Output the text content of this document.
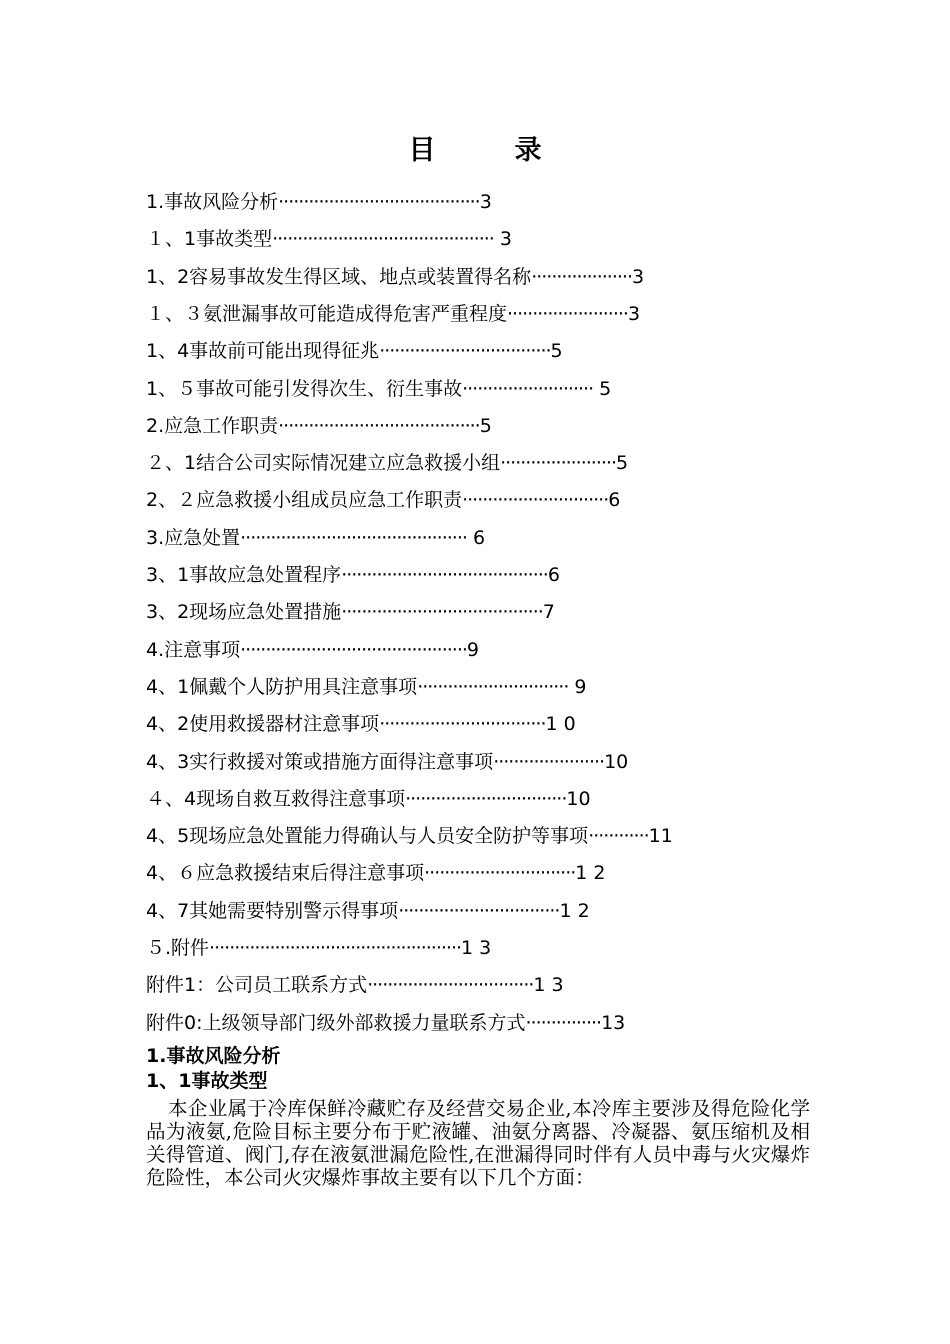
目　录
1.事故风险分析········································3
１、1事故类型············································ 3
1、2容易事故发生得区域、地点或装置得名称····················3
１、３氨泄漏事故可能造成得危害严重程度························3
1、4事故前可能出现得征兆··································5
1、５事故可能引发得次生、衍生事故·························· 5
2.应急工作职责········································5
２、1结合公司实际情况建立应急救援小组·······················5
2、２应急救援小组成员应急工作职责·····························6
3.应急处置············································· 6
3、1事故应急处置程序·········································6
3、2现场应急处置措施········································7
4.注意事项·············································9
4、1佩戴个人防护用具注意事项······························ 9
4、2使用救援器材注意事项·································1 0
4、3实行救援对策或措施方面得注意事项······················10
４、4现场自救互救得注意事项································10
4、5现场应急处置能力得确认与人员安全防护等事项············11
4、６应急救援结束后得注意事项······························1 2
4、7其她需要特别警示得事项································1 2
５.附件··················································1 3
附件1：公司员工联系方式·································1 3
附件0:上级领导部门级外部救援力量联系方式···············13
1.事故风险分析
1、1事故类型
本企业属于冷库保鲜冷藏贮存及经营交易企业,本冷库主要涉及得危险化学品为液氨,危险目标主要分布于贮液罐、油氨分离器、冷凝器、氨压缩机及相关得管道、阀门,存在液氨泄漏危险性,在泄漏得同时伴有人员中毒与火灾爆炸危险性，本公司火灾爆炸事故主要有以下几个方面：
